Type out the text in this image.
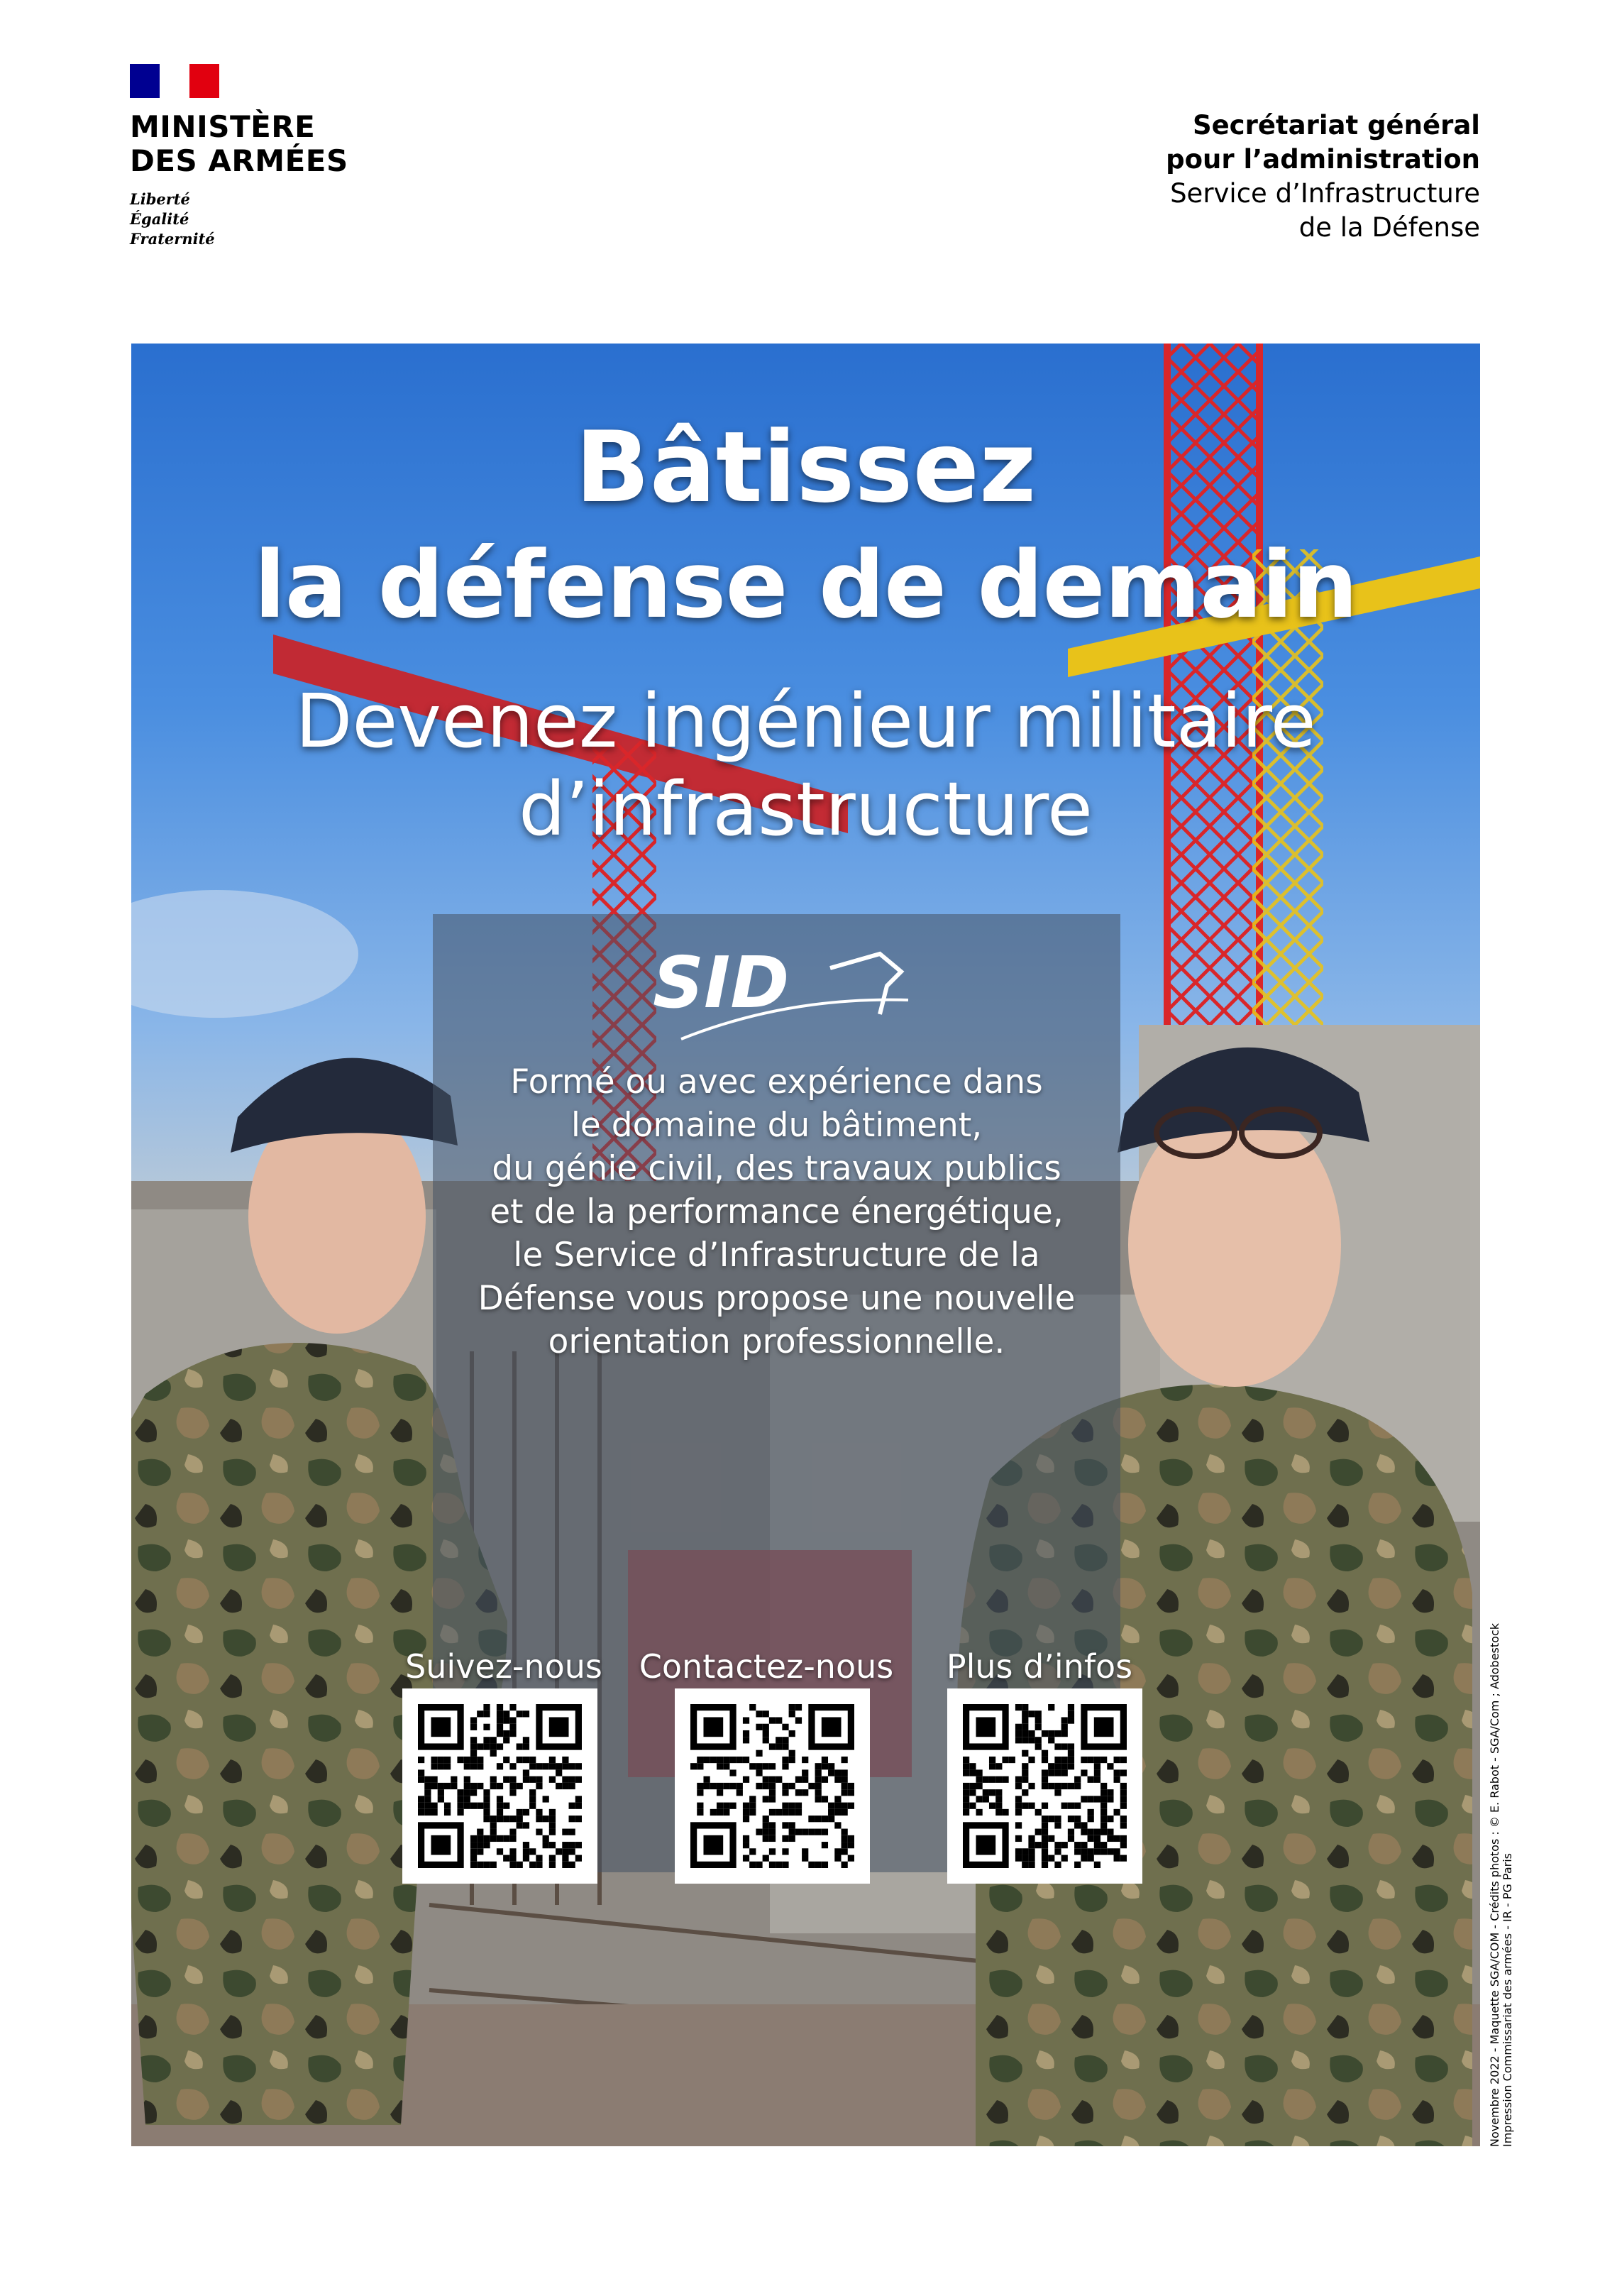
MINISTÈRE
DES ARMÉES
Liberté
Égalité
Fraternité
Secrétariat général
pour l’administration
Service d’Infrastructure
de la Défense
Bâtissez
la défense de demain
Devenez ingénieur militaire
d’infrastructure
SID
Formé ou avec expérience dans
le domaine du bâtiment,
du génie civil, des travaux publics
et de la performance énergétique,
le Service d’Infrastructure de la
Défense vous propose une nouvelle
orientation professionnelle.
Suivez-nous	Contactez-nous	Plus d’infos	Novembre 2022 - Maquette SGA/COM - Crédits photos : © E. Rabot - SGA/Com ; Adobestock Impression Commissariat des armées - IR - PG Paris
